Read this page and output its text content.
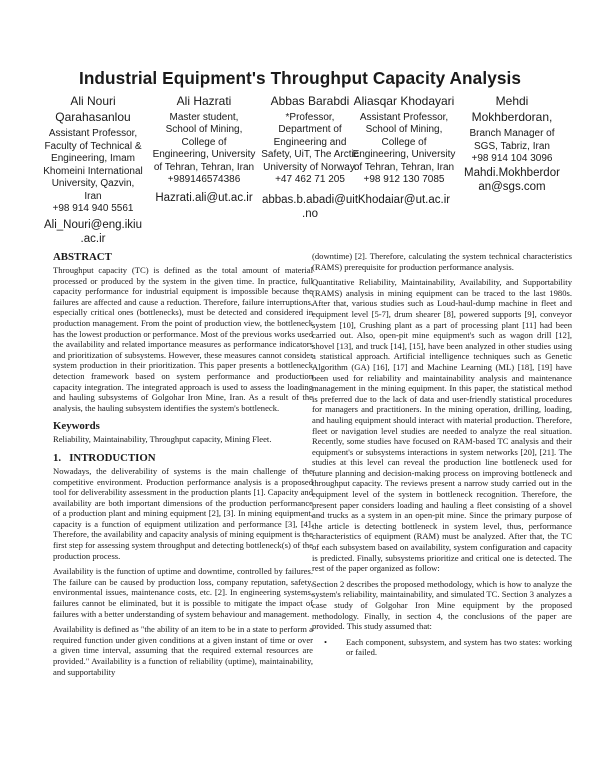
Industrial Equipment's Throughput Capacity Analysis
Ali Nouri
Qarahasanlou
Assistant Professor,
Faculty of Technical &
Engineering, Imam
Khomeini International
University, Qazvin,
Iran
+98 914 940 5561
Ali_Nouri@eng.ikiu
.ac.ir
Ali Hazrati
Master student,
School of Mining,
College of
Engineering, University
of Tehran, Tehran, Iran
+989146574386
Hazrati.ali@ut.ac.ir
Abbas Barabdi
*Professor,
Department of
Engineering and
Safety, UiT, The Arctic
University of Norway.
+47 462 71 205
abbas.b.abadi@uit
.no
Aliasqar Khodayari
Assistant Professor,
School of Mining,
College of
Engineering, University
of Tehran, Tehran, Iran
+98 912 130 7085
Khodaiar@ut.ac.ir
Mehdi
Mokhberdoran,
Branch Manager of
SGS, Tabriz, Iran
+98 914 104 3096
Mahdi.Mokhberdor
an@sgs.com
ABSTRACT

Throughput capacity (TC) is defined as the total amount of material processed or produced by the system in the given time. In practice, full capacity performance for industrial equipment is impossible because the failures are affected and cause a reduction. Therefore, failure interruptions, especially critical ones (bottlenecks), must be detected and considered in production management. From the point of production view, the bottleneck has the lowest production or performance. Most of the previous works used the availability and related importance measures as performance indicators and prioritization of subsystems. However, these measures cannot consider system production in their prioritization. This paper presents a bottleneck detection framework based on system performance and production capacity integration. The integrated approach is used to assess the loading and hauling subsystems of Golgohar Iron Mine, Iran. As a result of the analysis, the hauling subsystem identifies the system's bottleneck.

Keywords

Reliability, Maintainability, Throughput capacity, Mining Fleet.

1.   INTRODUCTION

Nowadays, the deliverability of systems is the main challenge of the competitive environment. Production performance analysis is a proposed tool for deliverability assessment in the production plants [1]. Capacity and availability are both important dimensions of the production performance of a production plant and mining equipment [2], [3]. In mining equipment, capacity is a function of equipment utilization and performance [3], [4]. Therefore, the availability and capacity analysis of mining equipment is the first step for assessing system throughput and detecting bottleneck(s) of the production process.

Availability is the function of uptime and downtime, controlled by failures. The failure can be caused by production loss, company reputation, safety, environmental issues, maintenance costs, etc. [2]. In engineering systems, failures cannot be eliminated, but it is possible to mitigate the impact of failures with a better understanding of system behaviour and management.

Availability is defined as "the ability of an item to be in a state to perform a required function under given conditions at a given instant of time or over a given time interval, assuming that the required external resources are provided." Availability is a function of reliability (uptime), maintainability, and supportability

(downtime) [2]. Therefore, calculating the system technical characteristics (RAMS) prerequisite for production performance analysis.

Quantitative Reliability, Maintainability, Availability, and Supportability (RAMS) analysis in mining equipment can be traced to the last 1980s. After that, various studies such as Loud-haul-dump machine in fleet and equipment level [5-7], drum shearer [8], powered supports [9], conveyor system [10], Crushing plant as a part of processing plant [11] had been carried out. Also, open-pit mine equipment's such as wagon drill [12], shovel [13], and truck [14], [15], have been analyzed in other studies using a statistical approach. Artificial intelligence techniques such as Genetic Algorithm (GA) [16], [17] and Machine Learning (ML) [18], [19] have been used for reliability and maintainability analysis and maintenance management in the mining equipment. In this paper, the statistical method is preferred due to the lack of data and user-friendly statistical procedures for managers and practitioners. In the mining operation, drilling, loading, and hauling equipment should interact with material production. Therefore, fleet or navigation level studies are needed to analyze the real situation. Recently, some studies have focused on RAM-based TC analysis and their equipment's or subsystems interactions in system networks [20], [21]. The studies at this level can reveal the production line bottleneck used for future planning and decision-making process on improving bottleneck and throughput capacity. The reviews present a narrow study carried out in the equipment level of the system in bottleneck recognition. Therefore, the present paper considers loading and hauling a fleet consisting of a shovel and trucks as a system in an open-pit mine. Since the primary purpose of the article is detecting bottleneck in system level, thus, performance characteristics of equipment (RAM) must be analyzed. After that, the TC of each subsystem based on availability, system configuration and capacity is predicted. Finally, subsystems prioritize and critical one is detected. The rest of the paper organized as follow:

Section 2 describes the proposed methodology, which is how to analyze the system's reliability, maintainability, and simulated TC. Section 3 analyzes a case study of Golgohar Iron Mine equipment by the proposed methodology. Finally, in section 4, the conclusions of the paper are provided. This study assumed that:

• Each component, subsystem, and system has two states: working or failed.
